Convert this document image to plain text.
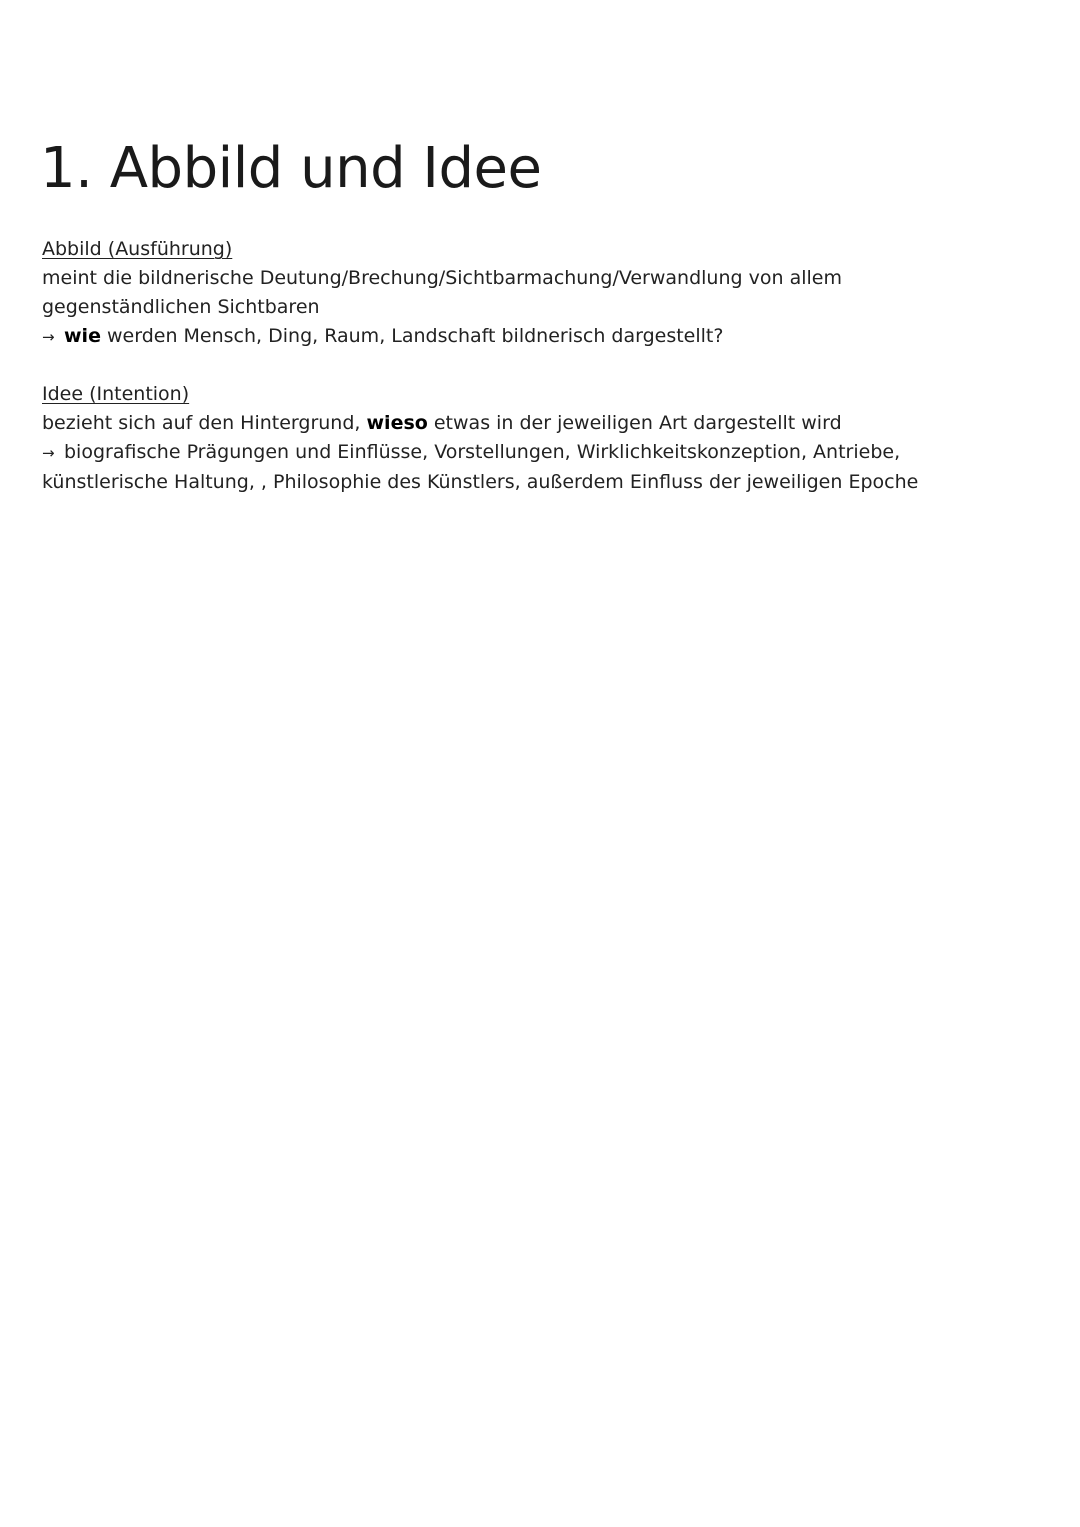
1. Abbild und Idee
Abbild (Ausführung)
meint die bildnerische Deutung/Brechung/Sichtbarmachung/Verwandlung von allem
gegenständlichen Sichtbaren
→ wie werden Mensch, Ding, Raum, Landschaft bildnerisch dargestellt?
Idee (Intention)
bezieht sich auf den Hintergrund, wieso etwas in der jeweiligen Art dargestellt wird
→ biografische Prägungen und Einflüsse, Vorstellungen, Wirklichkeitskonzeption, Antriebe,
künstlerische Haltung, , Philosophie des Künstlers, außerdem Einfluss der jeweiligen Epoche
